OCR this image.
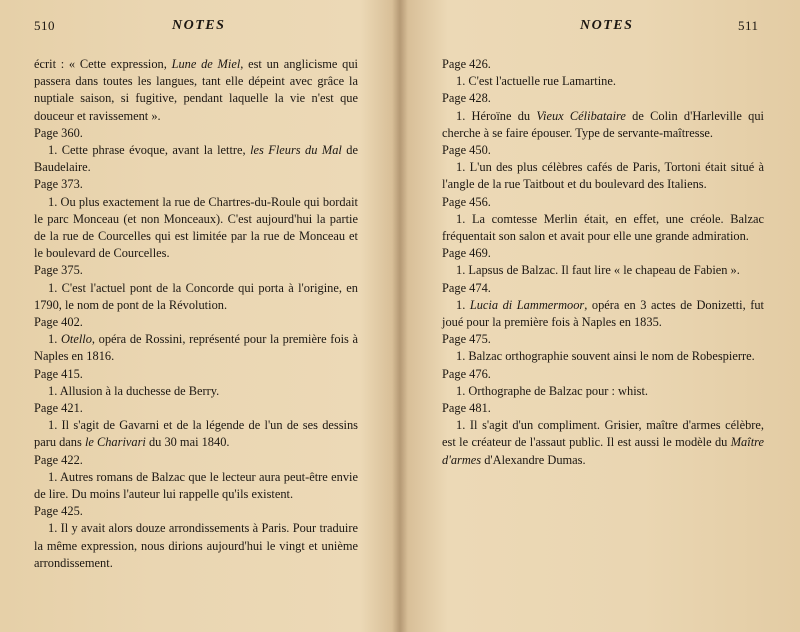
510	NOTES

écrit : « Cette expression, Lune de Miel, est un anglicisme qui passera dans toutes les langues, tant elle dépeint avec grâce la nuptiale saison, si fugitive, pendant laquelle la vie n'est que douceur et ravissement ».

Page 360.

1. Cette phrase évoque, avant la lettre, les Fleurs du Mal de Baudelaire.

Page 373.

1. Ou plus exactement la rue de Chartres-du-Roule qui bordait le parc Monceau (et non Monceaux). C'est aujourd'hui la partie de la rue de Courcelles qui est limitée par la rue de Monceau et le boulevard de Courcelles.

Page 375.

1. C'est l'actuel pont de la Concorde qui porta à l'origine, en 1790, le nom de pont de la Révolution.

Page 402.

1. Otello, opéra de Rossini, représenté pour la première fois à Naples en 1816.

Page 415.

1. Allusion à la duchesse de Berry.

Page 421.

1. Il s'agit de Gavarni et de la légende de l'un de ses dessins paru dans le Charivari du 30 mai 1840.

Page 422.

1. Autres romans de Balzac que le lecteur aura peut-être envie de lire. Du moins l'auteur lui rappelle qu'ils existent.

Page 425.

1. Il y avait alors douze arrondissements à Paris. Pour traduire la même expression, nous dirions aujourd'hui le vingt et unième arrondissement.

NOTES	511

Page 426.

1. C'est l'actuelle rue Lamartine.

Page 428.

1. Héroïne du Vieux Célibataire de Colin d'Harleville qui cherche à se faire épouser. Type de servante-maîtresse.

Page 450.

1. L'un des plus célèbres cafés de Paris, Tortoni était situé à l'angle de la rue Taitbout et du boulevard des Italiens.

Page 456.

1. La comtesse Merlin était, en effet, une créole. Balzac fréquentait son salon et avait pour elle une grande admiration.

Page 469.

1. Lapsus de Balzac. Il faut lire « le chapeau de Fabien ».

Page 474.

1. Lucia di Lammermoor, opéra en 3 actes de Donizetti, fut joué pour la première fois à Naples en 1835.

Page 475.

1. Balzac orthographie souvent ainsi le nom de Robespierre.

Page 476.

1. Orthographe de Balzac pour : whist.

Page 481.

1. Il s'agit d'un compliment. Grisier, maître d'armes célèbre, est le créateur de l'assaut public. Il est aussi le modèle du Maître d'armes d'Alexandre Dumas.
